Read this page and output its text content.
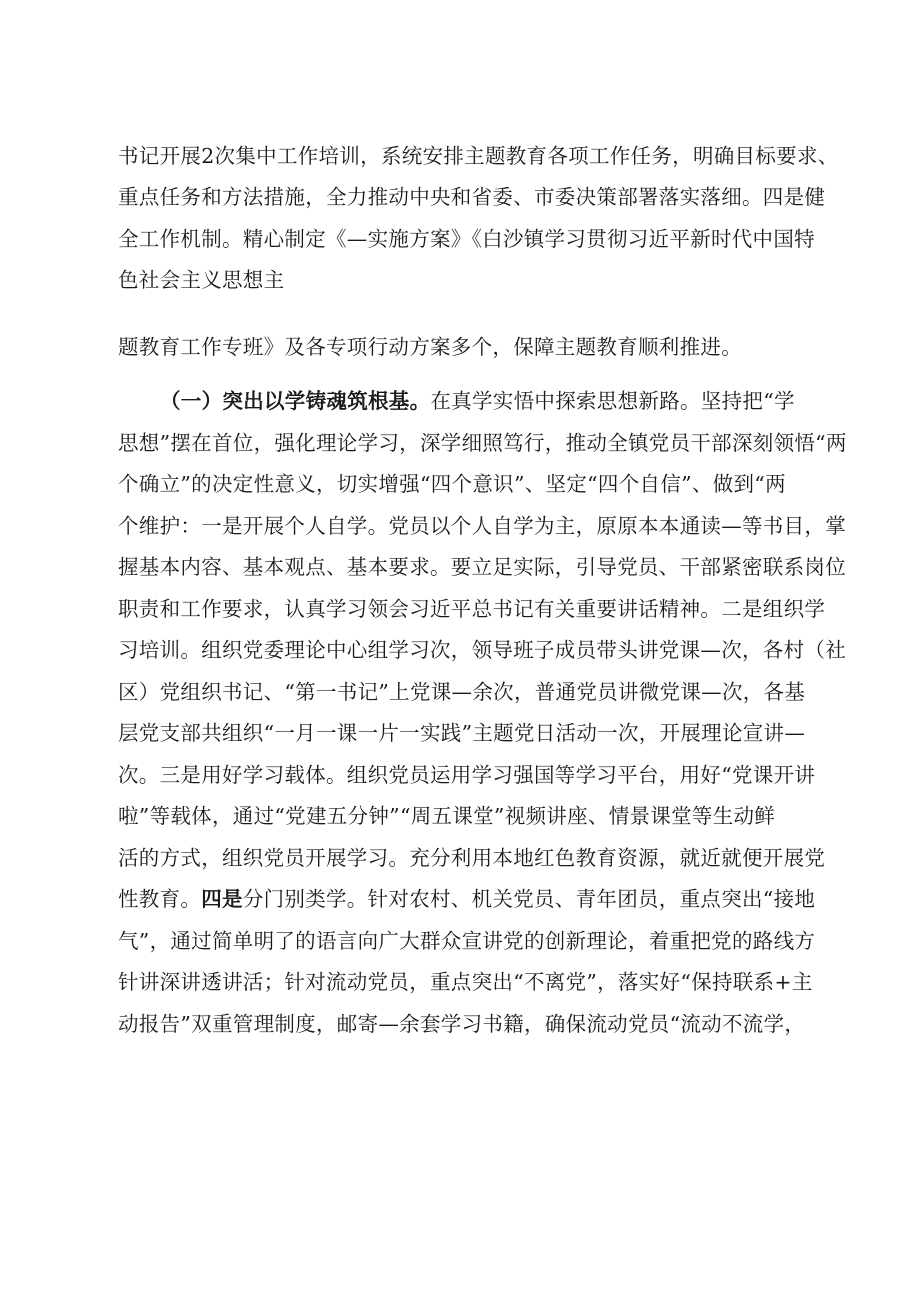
书记开展2次集中工作培训，系统安排主题教育各项工作任务，明确目标要求、
重点任务和方法措施，全力推动中央和省委、市委决策部署落实落细。四是健
全工作机制。精心制定《—实施方案》《白沙镇学习贯彻习近平新时代中国特
色社会主义思想主
题教育工作专班》及各专项行动方案多个，保障主题教育顺利推进。
（一）突出以学铸魂筑根基。在真学实悟中探索思想新路。坚持把“学
思想”摆在首位，强化理论学习，深学细照笃行，推动全镇党员干部深刻领悟“两
个确立”的决定性意义，切实增强“四个意识”、坚定“四个自信”、做到“两
个维护：一是开展个人自学。党员以个人自学为主，原原本本通读—等书目，掌
握基本内容、基本观点、基本要求。要立足实际，引导党员、干部紧密联系岗位
职责和工作要求，认真学习领会习近平总书记有关重要讲话精神。二是组织学
习培训。组织党委理论中心组学习次，领导班子成员带头讲党课—次，各村（社
区）党组织书记、“第一书记”上党课—余次，普通党员讲微党课—次，各基
层党支部共组织“一月一课一片一实践”主题党日活动一次，开展理论宣讲—
次。三是用好学习载体。组织党员运用学习强国等学习平台，用好“党课开讲
啦”等载体，通过“党建五分钟”“周五课堂”视频讲座、情景课堂等生动鲜
活的方式，组织党员开展学习。充分利用本地红色教育资源，就近就便开展党
性教育。四是分门别类学。针对农村、机关党员、青年团员，重点突出“接地
气”，通过简单明了的语言向广大群众宣讲党的创新理论，着重把党的路线方
针讲深讲透讲活；针对流动党员，重点突出“不离党”，落实好“保持联系+主
动报告”双重管理制度，邮寄—余套学习书籍，确保流动党员“流动不流学，
